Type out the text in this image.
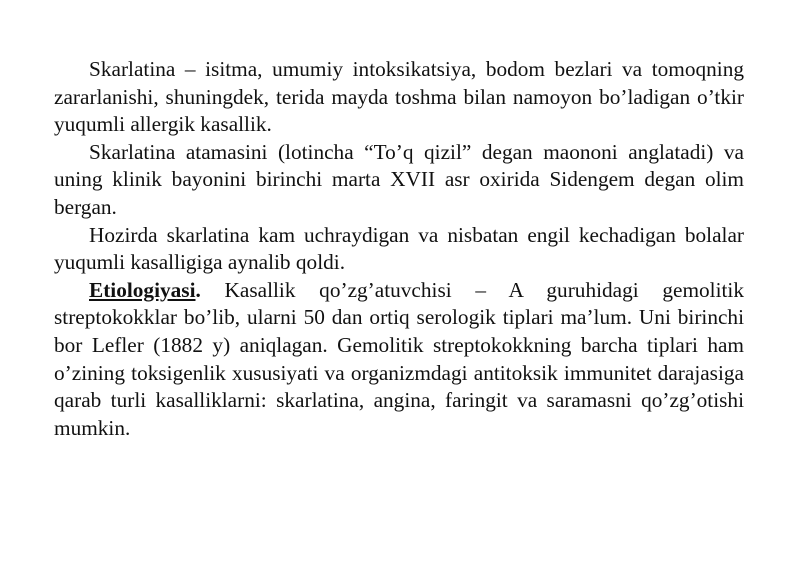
Skarlatina – isitma, umumiy intoksikatsiya, bodom bezlari va tomoqning zararlanishi, shuningdek, terida mayda toshma bilan namoyon bo’ladigan o’tkir yuqumli allergik kasallik.

Skarlatina atamasini (lotincha “To’q qizil” degan maononi anglatadi) va uning klinik bayonini birinchi marta XVII asr oxirida Sidengem degan olim bergan.

Hozirda skarlatina kam uchraydigan va nisbatan engil kechadigan bolalar yuqumli kasalligiga aynalib qoldi.

Etiologiyasi. Kasallik qo’zg’atuvchisi – A guruhidagi gemolitik streptokokklar bo’lib, ularni 50 dan ortiq serologik tiplari ma’lum. Uni birinchi bor Lefler (1882 y) aniqlagan. Gemolitik streptokokkning barcha tiplari ham o’zining toksigenlik xususiyati va organizmdagi antitoksik immunitet darajasiga qarab turli kasalliklarni: skarlatina, angina, faringit va saramasni qo’zg’otishi mumkin.
